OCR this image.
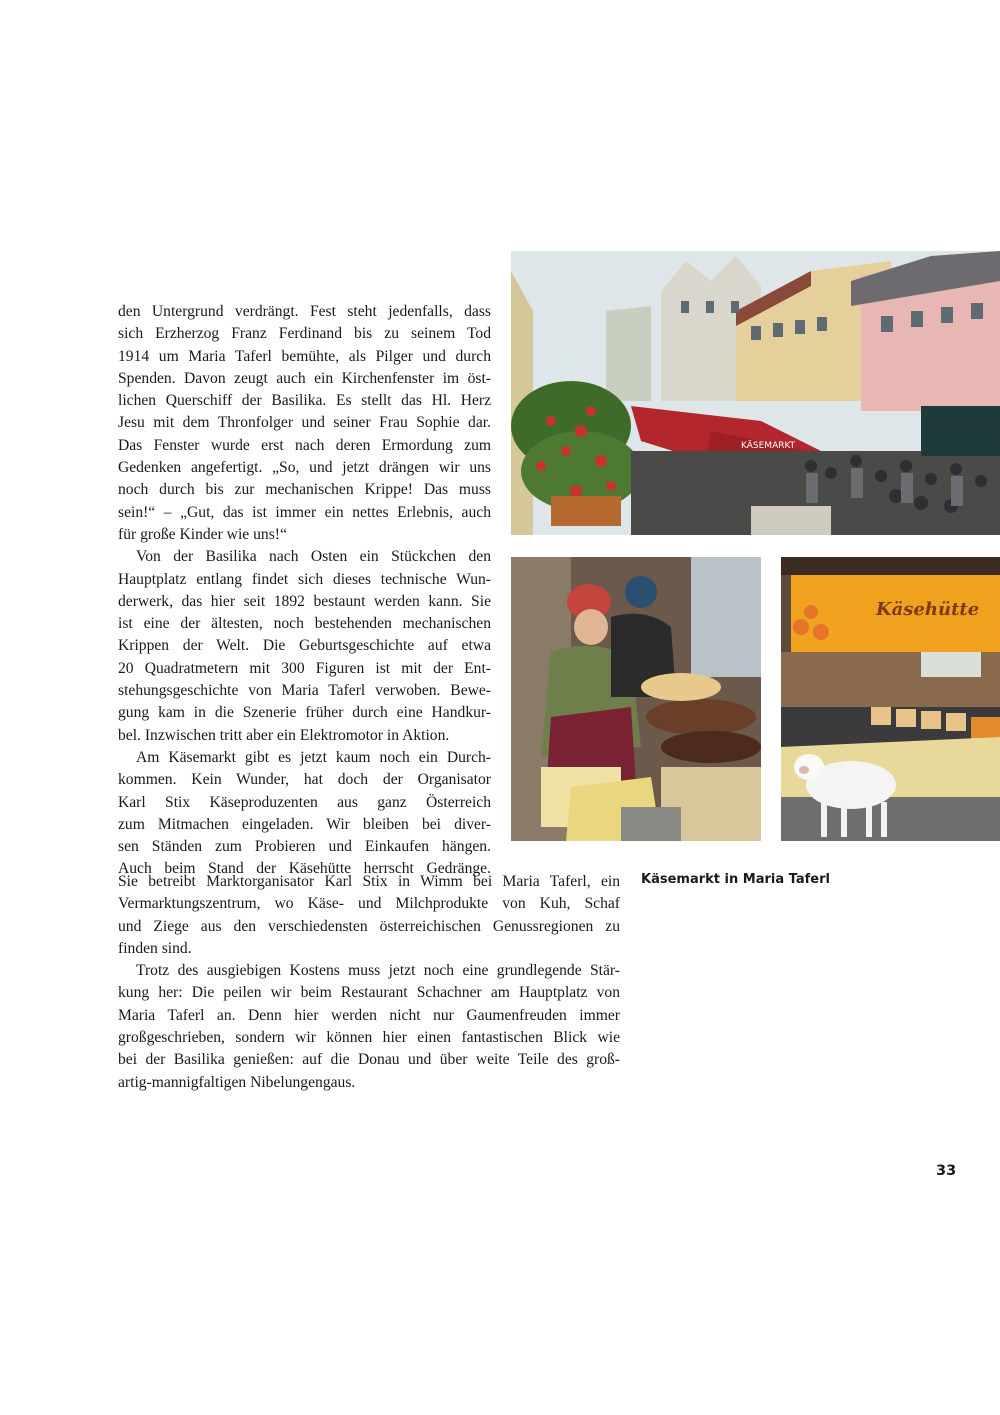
den Untergrund verdrängt. Fest steht jedenfalls, dass
sich Erzherzog Franz Ferdinand bis zu seinem Tod
1914 um Maria Taferl bemühte, als Pilger und durch
Spenden. Davon zeugt auch ein Kirchenfenster im öst-
lichen Querschiff der Basilika. Es stellt das Hl. Herz
Jesu mit dem Thronfolger und seiner Frau Sophie dar.
Das Fenster wurde erst nach deren Ermordung zum
Gedenken angefertigt. „So, und jetzt drängen wir uns
noch durch bis zur mechanischen Krippe! Das muss
sein!“ – „Gut, das ist immer ein nettes Erlebnis, auch
für große Kinder wie uns!“
Von der Basilika nach Osten ein Stückchen den
Hauptplatz entlang findet sich dieses technische Wun-
derwerk, das hier seit 1892 bestaunt werden kann. Sie
ist eine der ältesten, noch bestehenden mechanischen
Krippen der Welt. Die Geburtsgeschichte auf etwa
20 Quadratmetern mit 300 Figuren ist mit der Ent-
stehungsgeschichte von Maria Taferl verwoben. Bewe-
gung kam in die Szenerie früher durch eine Handkur-
bel. Inzwischen tritt aber ein Elektromotor in Aktion.
Am Käsemarkt gibt es jetzt kaum noch ein Durch-
kommen. Kein Wunder, hat doch der Organisator
Karl Stix Käseproduzenten aus ganz Österreich
zum Mitmachen eingeladen. Wir bleiben bei diver-
sen Ständen zum Probieren und Einkaufen hängen.
Auch beim Stand der Käsehütte herrscht Gedränge.
Sie betreibt Marktorganisator Karl Stix in Wimm bei Maria Taferl, ein
Vermarktungszentrum, wo Käse- und Milchprodukte von Kuh, Schaf
und Ziege aus den verschiedensten österreichischen Genussregionen zu
finden sind.
Trotz des ausgiebigen Kostens muss jetzt noch eine grundlegende Stär-
kung her: Die peilen wir beim Restaurant Schachner am Hauptplatz von
Maria Taferl an. Denn hier werden nicht nur Gaumenfreuden immer
großgeschrieben, sondern wir können hier einen fantastischen Blick wie
bei der Basilika genießen: auf die Donau und über weite Teile des groß-
artig-mannigfaltigen Nibelungengaus.
KÄSEMARKT
Käsehütte
Käsemarkt in Maria Taferl
33
